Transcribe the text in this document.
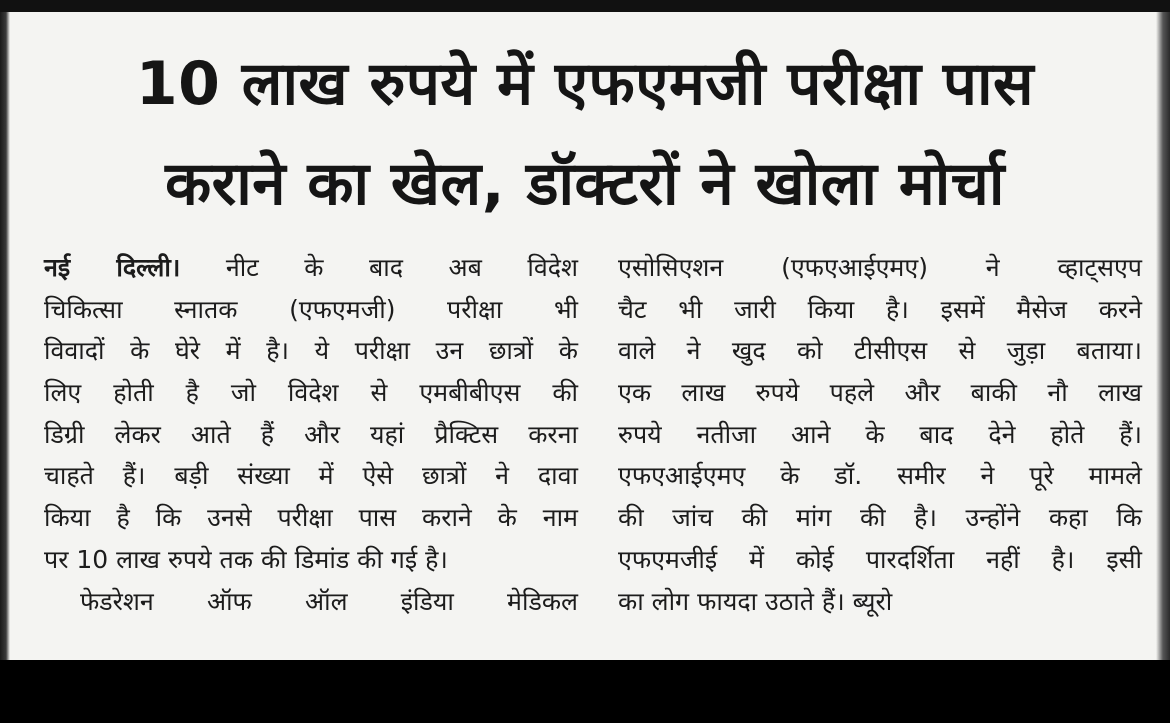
10 लाख रुपये में एफएमजी परीक्षा पास
कराने का खेल, डॉक्टरों ने खोला मोर्चा
नई दिल्ली। नीट के बाद अब विदेश
चिकित्सा स्नातक (एफएमजी) परीक्षा भी
विवादों के घेरे में है। ये परीक्षा उन छात्रों के
लिए होती है जो विदेश से एमबीबीएस की
डिग्री लेकर आते हैं और यहां प्रैक्टिस करना
चाहते हैं। बड़ी संख्या में ऐसे छात्रों ने दावा
किया है कि उनसे परीक्षा पास कराने के नाम
पर 10 लाख रुपये तक की डिमांड की गई है।
फेडरेशन ऑफ ऑल इंडिया मेडिकल
एसोसिएशन (एफएआईएमए) ने व्हाट्सएप
चैट भी जारी किया है। इसमें मैसेज करने
वाले ने खुद को टीसीएस से जुड़ा बताया।
एक लाख रुपये पहले और बाकी नौ लाख
रुपये नतीजा आने के बाद देने होते हैं।
एफएआईएमए के डॉ. समीर ने पूरे मामले
की जांच की मांग की है। उन्होंने कहा कि
एफएमजीई में कोई पारदर्शिता नहीं है। इसी
का लोग फायदा उठाते हैं। ब्यूरो
